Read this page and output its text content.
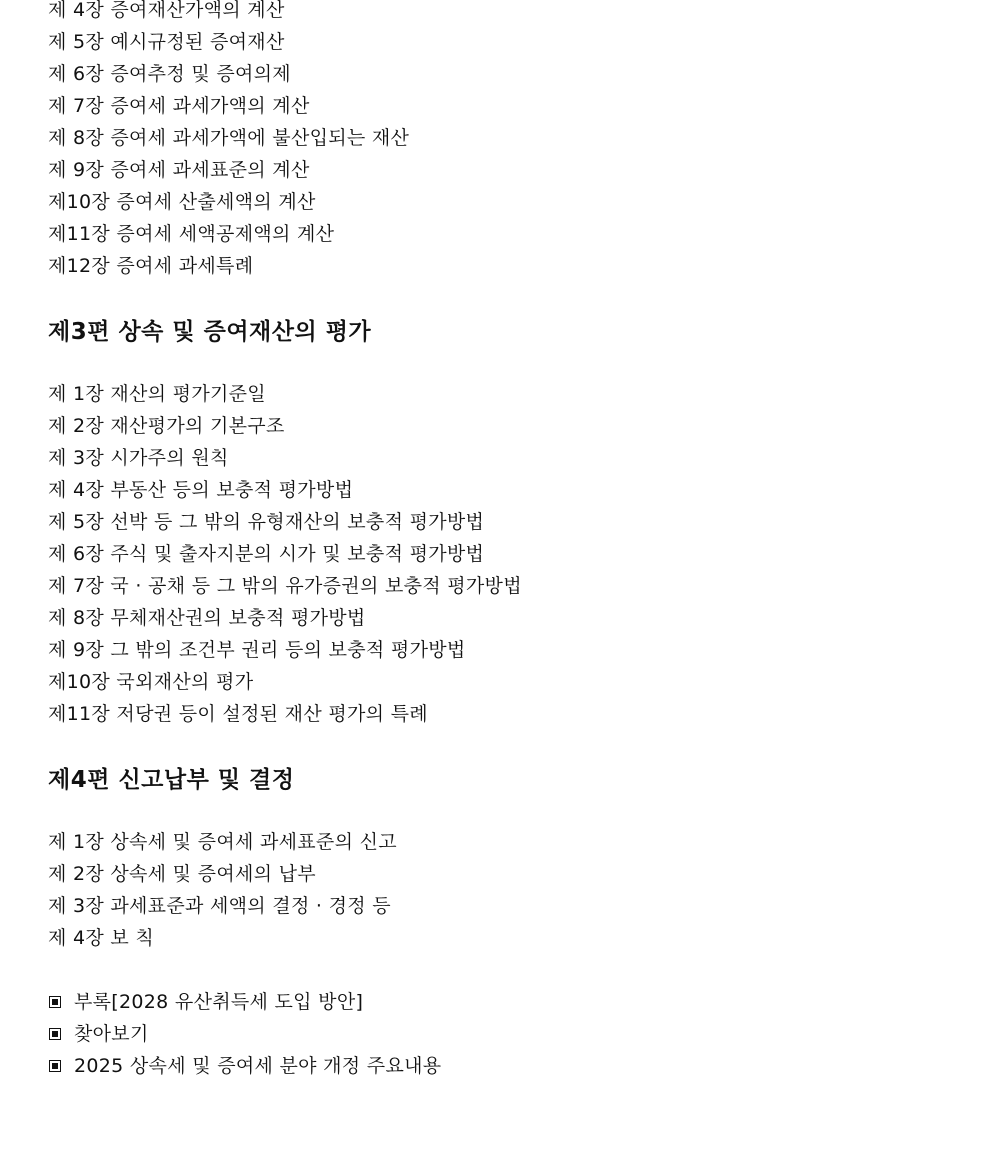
제 4장 증여재산가액의 계산
제 5장 예시규정된 증여재산
제 6장 증여추정 및 증여의제
제 7장 증여세 과세가액의 계산
제 8장 증여세 과세가액에 불산입되는 재산
제 9장 증여세 과세표준의 계산
제10장 증여세 산출세액의 계산
제11장 증여세 세액공제액의 계산
제12장 증여세 과세특례
제3편 상속 및 증여재산의 평가
제 1장 재산의 평가기준일
제 2장 재산평가의 기본구조
제 3장 시가주의 원칙
제 4장 부동산 등의 보충적 평가방법
제 5장 선박 등 그 밖의 유형재산의 보충적 평가방법
제 6장 주식 및 출자지분의 시가 및 보충적 평가방법
제 7장 국 · 공채 등 그 밖의 유가증권의 보충적 평가방법
제 8장 무체재산권의 보충적 평가방법
제 9장 그 밖의 조건부 권리 등의 보충적 평가방법
제10장 국외재산의 평가
제11장 저당권 등이 설정된 재산 평가의 특례
제4편 신고납부 및 결정
제 1장 상속세 및 증여세 과세표준의 신고
제 2장 상속세 및 증여세의 납부
제 3장 과세표준과 세액의 결정 · 경정 등
제 4장 보 칙
부록[2028 유산취득세 도입 방안]
찾아보기
2025 상속세 및 증여세 분야 개정 주요내용
